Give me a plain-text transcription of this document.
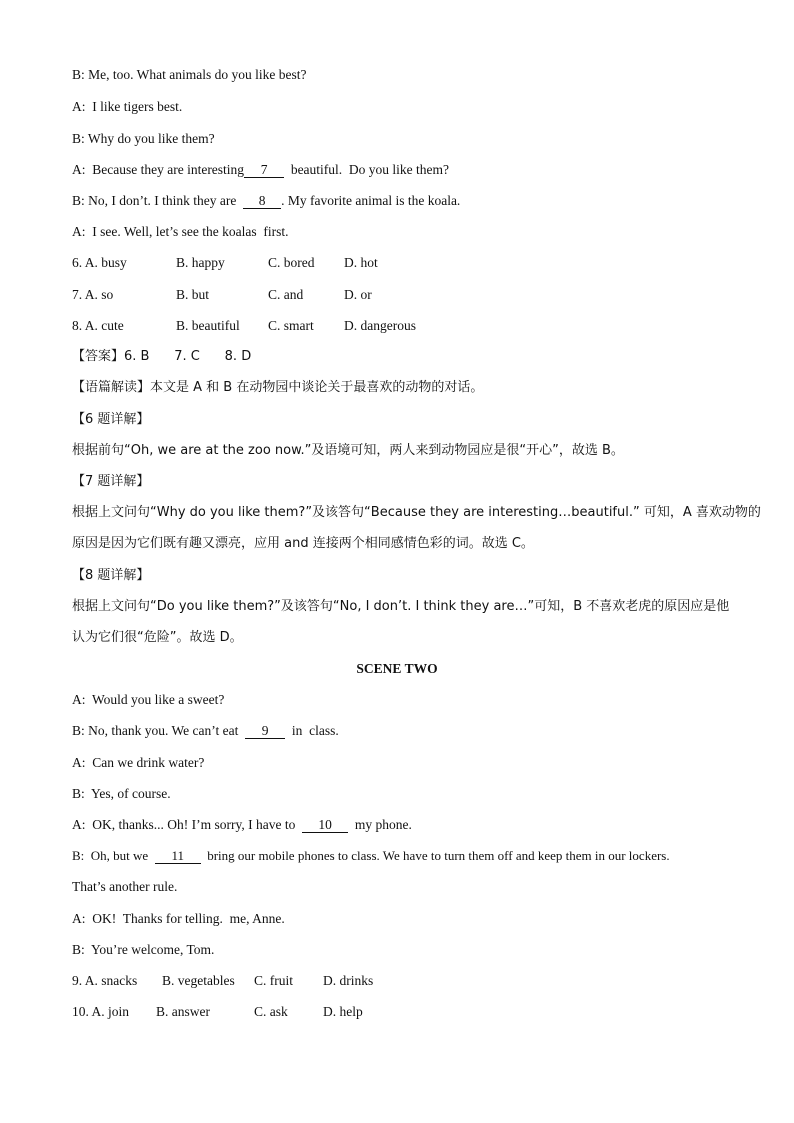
B: Me, too. What animals do you like best?
A:  I like tigers best.
B: Why do you like them?
A:  Because they are interesting 7  beautiful.  Do you like them?
B: No, I don’t. I think they are  8 . My favorite animal is the koala.
A:  I see. Well, let’s see the koalas  first.
6. A. busy	B. happy	C. bored D. hot
7. A. so	B. but	C. and	D. or
8. A. cute	B. beautiful C. smart D. dangerous
【答案】6. B      7. C      8. D
【语篇解读】本文是 A 和 B 在动物园中谈论关于最喜欢的动物的对话。
【6 题详解】
根据前句“Oh, we are at the zoo now.”及语境可知，两人来到动物园应是很“开心”，故选 B。
【7 题详解】
根据上文问句“Why do you like them?”及该答句“Because they are interesting…beautiful.” 可知，A 喜欢动物的
原因是因为它们既有趣又漂亮，应用 and 连接两个相同感情色彩的词。故选 C。
【8 题详解】
根据上文问句“Do you like them?”及该答句“No, I don’t. I think they are…”可知，B 不喜欢老虎的原因应是他
认为它们很“危险”。故选 D。
SCENE TWO
A:  Would you like a sweet?
B: No, thank you. We can’t eat  9  in  class.
A:  Can we drink water?
B:  Yes, of course.
A:  OK, thanks... Oh! I’m sorry, I have to  10  my phone.
B:  Oh, but we  11  bring our mobile phones to class. We have to turn them off and keep them in our lockers.
That’s another rule.
A:  OK!  Thanks for telling.  me, Anne.
B:  You’re welcome, Tom.
9. A. snacks B. vegetables C. fruit D. drinks
10. A. join B. answer	C. ask	D. help
